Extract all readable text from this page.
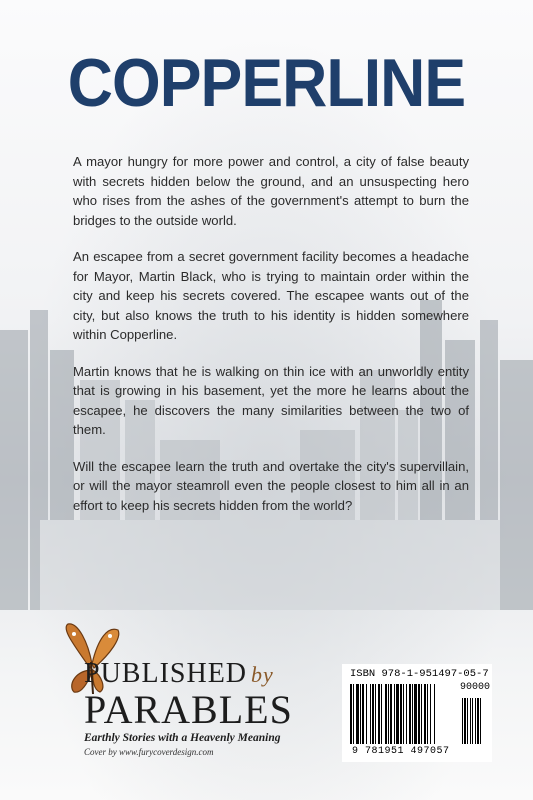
COPPERLINE

A mayor hungry for more power and control, a city of false beauty with secrets hidden below the ground, and an unsuspecting hero who rises from the ashes of the government's attempt to burn the bridges to the outside world.

An escapee from a secret government facility becomes a headache for Mayor, Martin Black, who is trying to maintain order within the city and keep his secrets covered. The escapee wants out of the city, but also knows the truth to his identity is hidden somewhere within Copperline.

Martin knows that he is walking on thin ice with an unworldly entity that is growing in his basement, yet the more he learns about the escapee, he discovers the many similarities between the two of them.

Will the escapee learn the truth and overtake the city's supervillain, or will the mayor steamroll even the people closest to him all in an effort to keep his secrets hidden from the world?

PUBLISHED by
PARABLES
Earthly Stories with a Heavenly Meaning
Cover by www.furycoverdesign.com
ISBN 978-1-951497-05-7
90000
9 781951 497057
